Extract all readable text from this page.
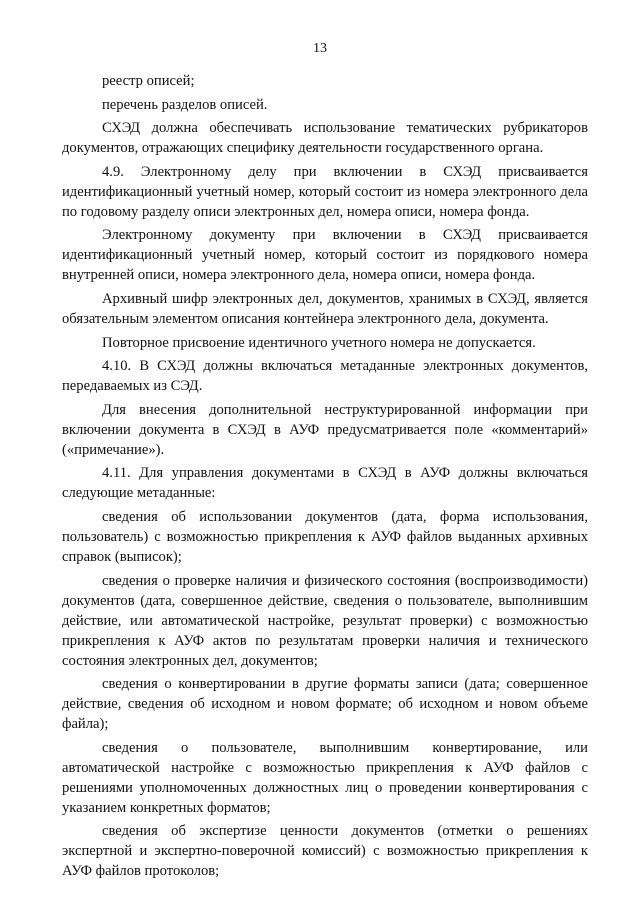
13

реестр описей;

перечень разделов описей.

СХЭД должна обеспечивать использование тематических рубрикаторов документов, отражающих специфику деятельности государственного органа.

4.9. Электронному делу при включении в СХЭД присваивается идентификационный учетный номер, который состоит из номера электронного дела по годовому разделу описи электронных дел, номера описи, номера фонда.

Электронному документу при включении в СХЭД присваивается идентификационный учетный номер, который состоит из порядкового номера внутренней описи, номера электронного дела, номера описи, номера фонда.

Архивный шифр электронных дел, документов, хранимых в СХЭД, является обязательным элементом описания контейнера электронного дела, документа.

Повторное присвоение идентичного учетного номера не допускается.

4.10. В СХЭД должны включаться метаданные электронных документов, передаваемых из СЭД.

Для внесения дополнительной неструктурированной информации при включении документа в СХЭД в АУФ предусматривается поле «комментарий» («примечание»).

4.11. Для управления документами в СХЭД в АУФ должны включаться следующие метаданные:

сведения об использовании документов (дата, форма использования, пользователь) с возможностью прикрепления к АУФ файлов выданных архивных справок (выписок);

сведения о проверке наличия и физического состояния (воспроизводимости) документов (дата, совершенное действие, сведения о пользователе, выполнившим действие, или автоматической настройке, результат проверки) с возможностью прикрепления к АУФ актов по результатам проверки наличия и технического состояния электронных дел, документов;

сведения о конвертировании в другие форматы записи (дата; совершенное действие, сведения об исходном и новом формате; об исходном и новом объеме файла);

сведения о пользователе, выполнившим конвертирование, или автоматической настройке с возможностью прикрепления к АУФ файлов с решениями уполномоченных должностных лиц о проведении конвертирования с указанием конкретных форматов;

сведения об экспертизе ценности документов (отметки о решениях экспертной и экспертно-поверочной комиссий) с возможностью прикрепления к АУФ файлов протоколов;
